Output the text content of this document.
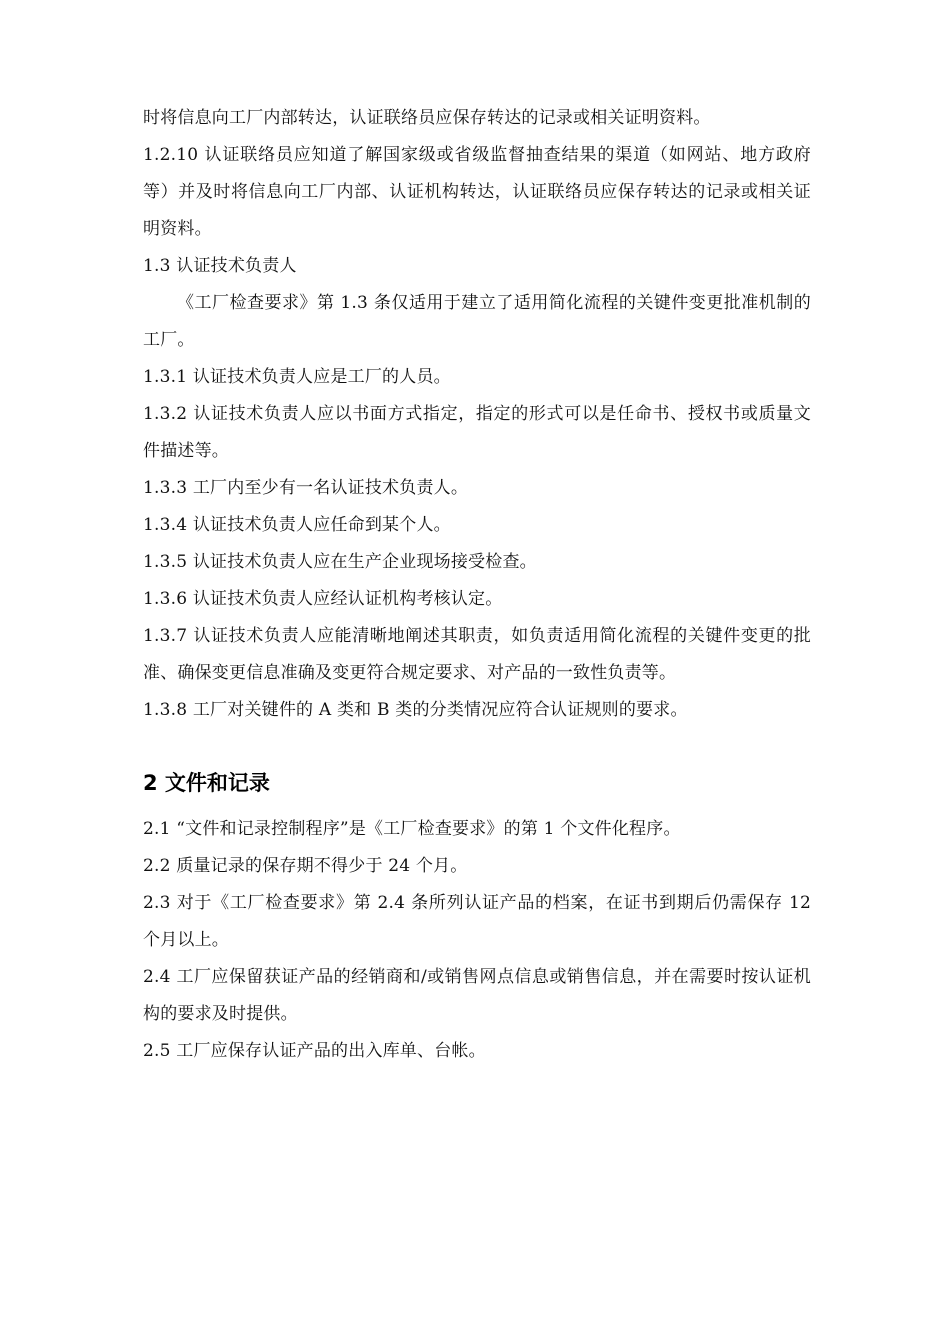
时将信息向工厂内部转达，认证联络员应保存转达的记录或相关证明资料。

1.2.10 认证联络员应知道了解国家级或省级监督抽查结果的渠道（如网站、地方政府等）并及时将信息向工厂内部、认证机构转达，认证联络员应保存转达的记录或相关证明资料。

1.3 认证技术负责人

《工厂检查要求》第 1.3 条仅适用于建立了适用简化流程的关键件变更批准机制的工厂。

1.3.1 认证技术负责人应是工厂的人员。

1.3.2 认证技术负责人应以书面方式指定，指定的形式可以是任命书、授权书或质量文件描述等。

1.3.3 工厂内至少有一名认证技术负责人。

1.3.4 认证技术负责人应任命到某个人。

1.3.5 认证技术负责人应在生产企业现场接受检查。

1.3.6 认证技术负责人应经认证机构考核认定。

1.3.7 认证技术负责人应能清晰地阐述其职责，如负责适用简化流程的关键件变更的批准、确保变更信息准确及变更符合规定要求、对产品的一致性负责等。

1.3.8 工厂对关键件的 A 类和 B 类的分类情况应符合认证规则的要求。

2 文件和记录

2.1 “文件和记录控制程序”是《工厂检查要求》的第 1 个文件化程序。

2.2 质量记录的保存期不得少于 24 个月。

2.3 对于《工厂检查要求》第 2.4 条所列认证产品的档案，在证书到期后仍需保存 12 个月以上。

2.4 工厂应保留获证产品的经销商和/或销售网点信息或销售信息，并在需要时按认证机构的要求及时提供。

2.5 工厂应保存认证产品的出入库单、台帐。
